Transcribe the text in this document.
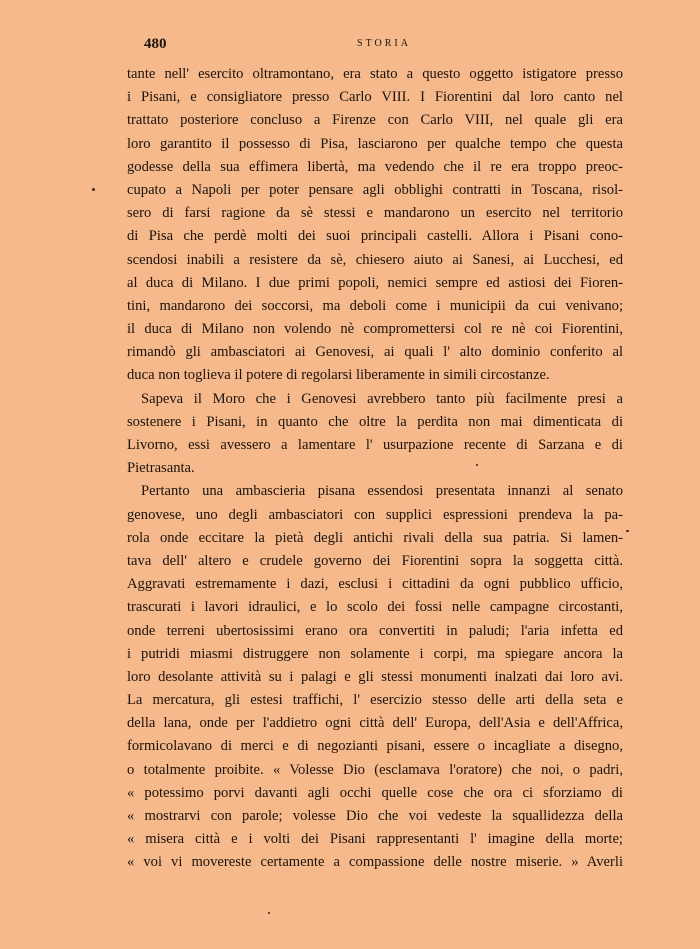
480	STORIA
tante nell' esercito oltramontano, era stato a questo oggetto istigatore presso
i Pisani, e consigliatore presso Carlo VIII. I Fiorentini dal loro canto nel
trattato posteriore concluso a Firenze con Carlo VIII, nel quale gli era
loro garantito il possesso di Pisa, lasciarono per qualche tempo che questa
godesse della sua effimera libertà, ma vedendo che il re era troppo preoc-
cupato a Napoli per poter pensare agli obblighi contratti in Toscana, risol-
sero di farsi ragione da sè stessi e mandarono un esercito nel territorio
di Pisa che perdè molti dei suoi principali castelli. Allora i Pisani cono-
scendosi inabili a resistere da sè, chiesero aiuto ai Sanesi, ai Lucchesi, ed
al duca di Milano. I due primi popoli, nemici sempre ed astiosi dei Fioren-
tini, mandarono dei soccorsi, ma deboli come i municipii da cui venivano;
il duca di Milano non volendo nè compromettersi col re nè coi Fiorentini,
rimandò gli ambasciatori ai Genovesi, ai quali l' alto dominio conferito al
duca non toglieva il potere di regolarsi liberamente in simili circostanze.
Sapeva il Moro che i Genovesi avrebbero tanto più facilmente presi a
sostenere i Pisani, in quanto che oltre la perdita non mai dimenticata di
Livorno, essi avessero a lamentare l' usurpazione recente di Sarzana e di
Pietrasanta.
Pertanto una ambascieria pisana essendosi presentata innanzi al senato
genovese, uno degli ambasciatori con supplici espressioni prendeva la pa-
rola onde eccitare la pietà degli antichi rivali della sua patria. Si lamen-
tava dell' altero e crudele governo dei Fiorentini sopra la soggetta città.
Aggravati estremamente i dazi, esclusi i cittadini da ogni pubblico ufficio,
trascurati i lavori idraulici, e lo scolo dei fossi nelle campagne circostanti,
onde terreni ubertosissimi erano ora convertiti in paludi; l'aria infetta ed
i putridi miasmi distruggere non solamente i corpi, ma spiegare ancora la
loro desolante attività su i palagi e gli stessi monumenti inalzati dai loro avi.
La mercatura, gli estesi traffichi, l' esercizio stesso delle arti della seta e
della lana, onde per l'addietro ogni città dell' Europa, dell'Asia e dell'Affrica,
formicolavano di merci e di negozianti pisani, essere o incagliate a disegno,
o totalmente proibite. « Volesse Dio (esclamava l'oratore) che noi, o padri,
« potessimo porvi davanti agli occhi quelle cose che ora ci sforziamo di
« mostrarvi con parole; volesse Dio che voi vedeste la squallidezza della
« misera città e i volti dei Pisani rappresentanti l' imagine della morte;
« voi vi movereste certamente a compassione delle nostre miserie. » Averli
